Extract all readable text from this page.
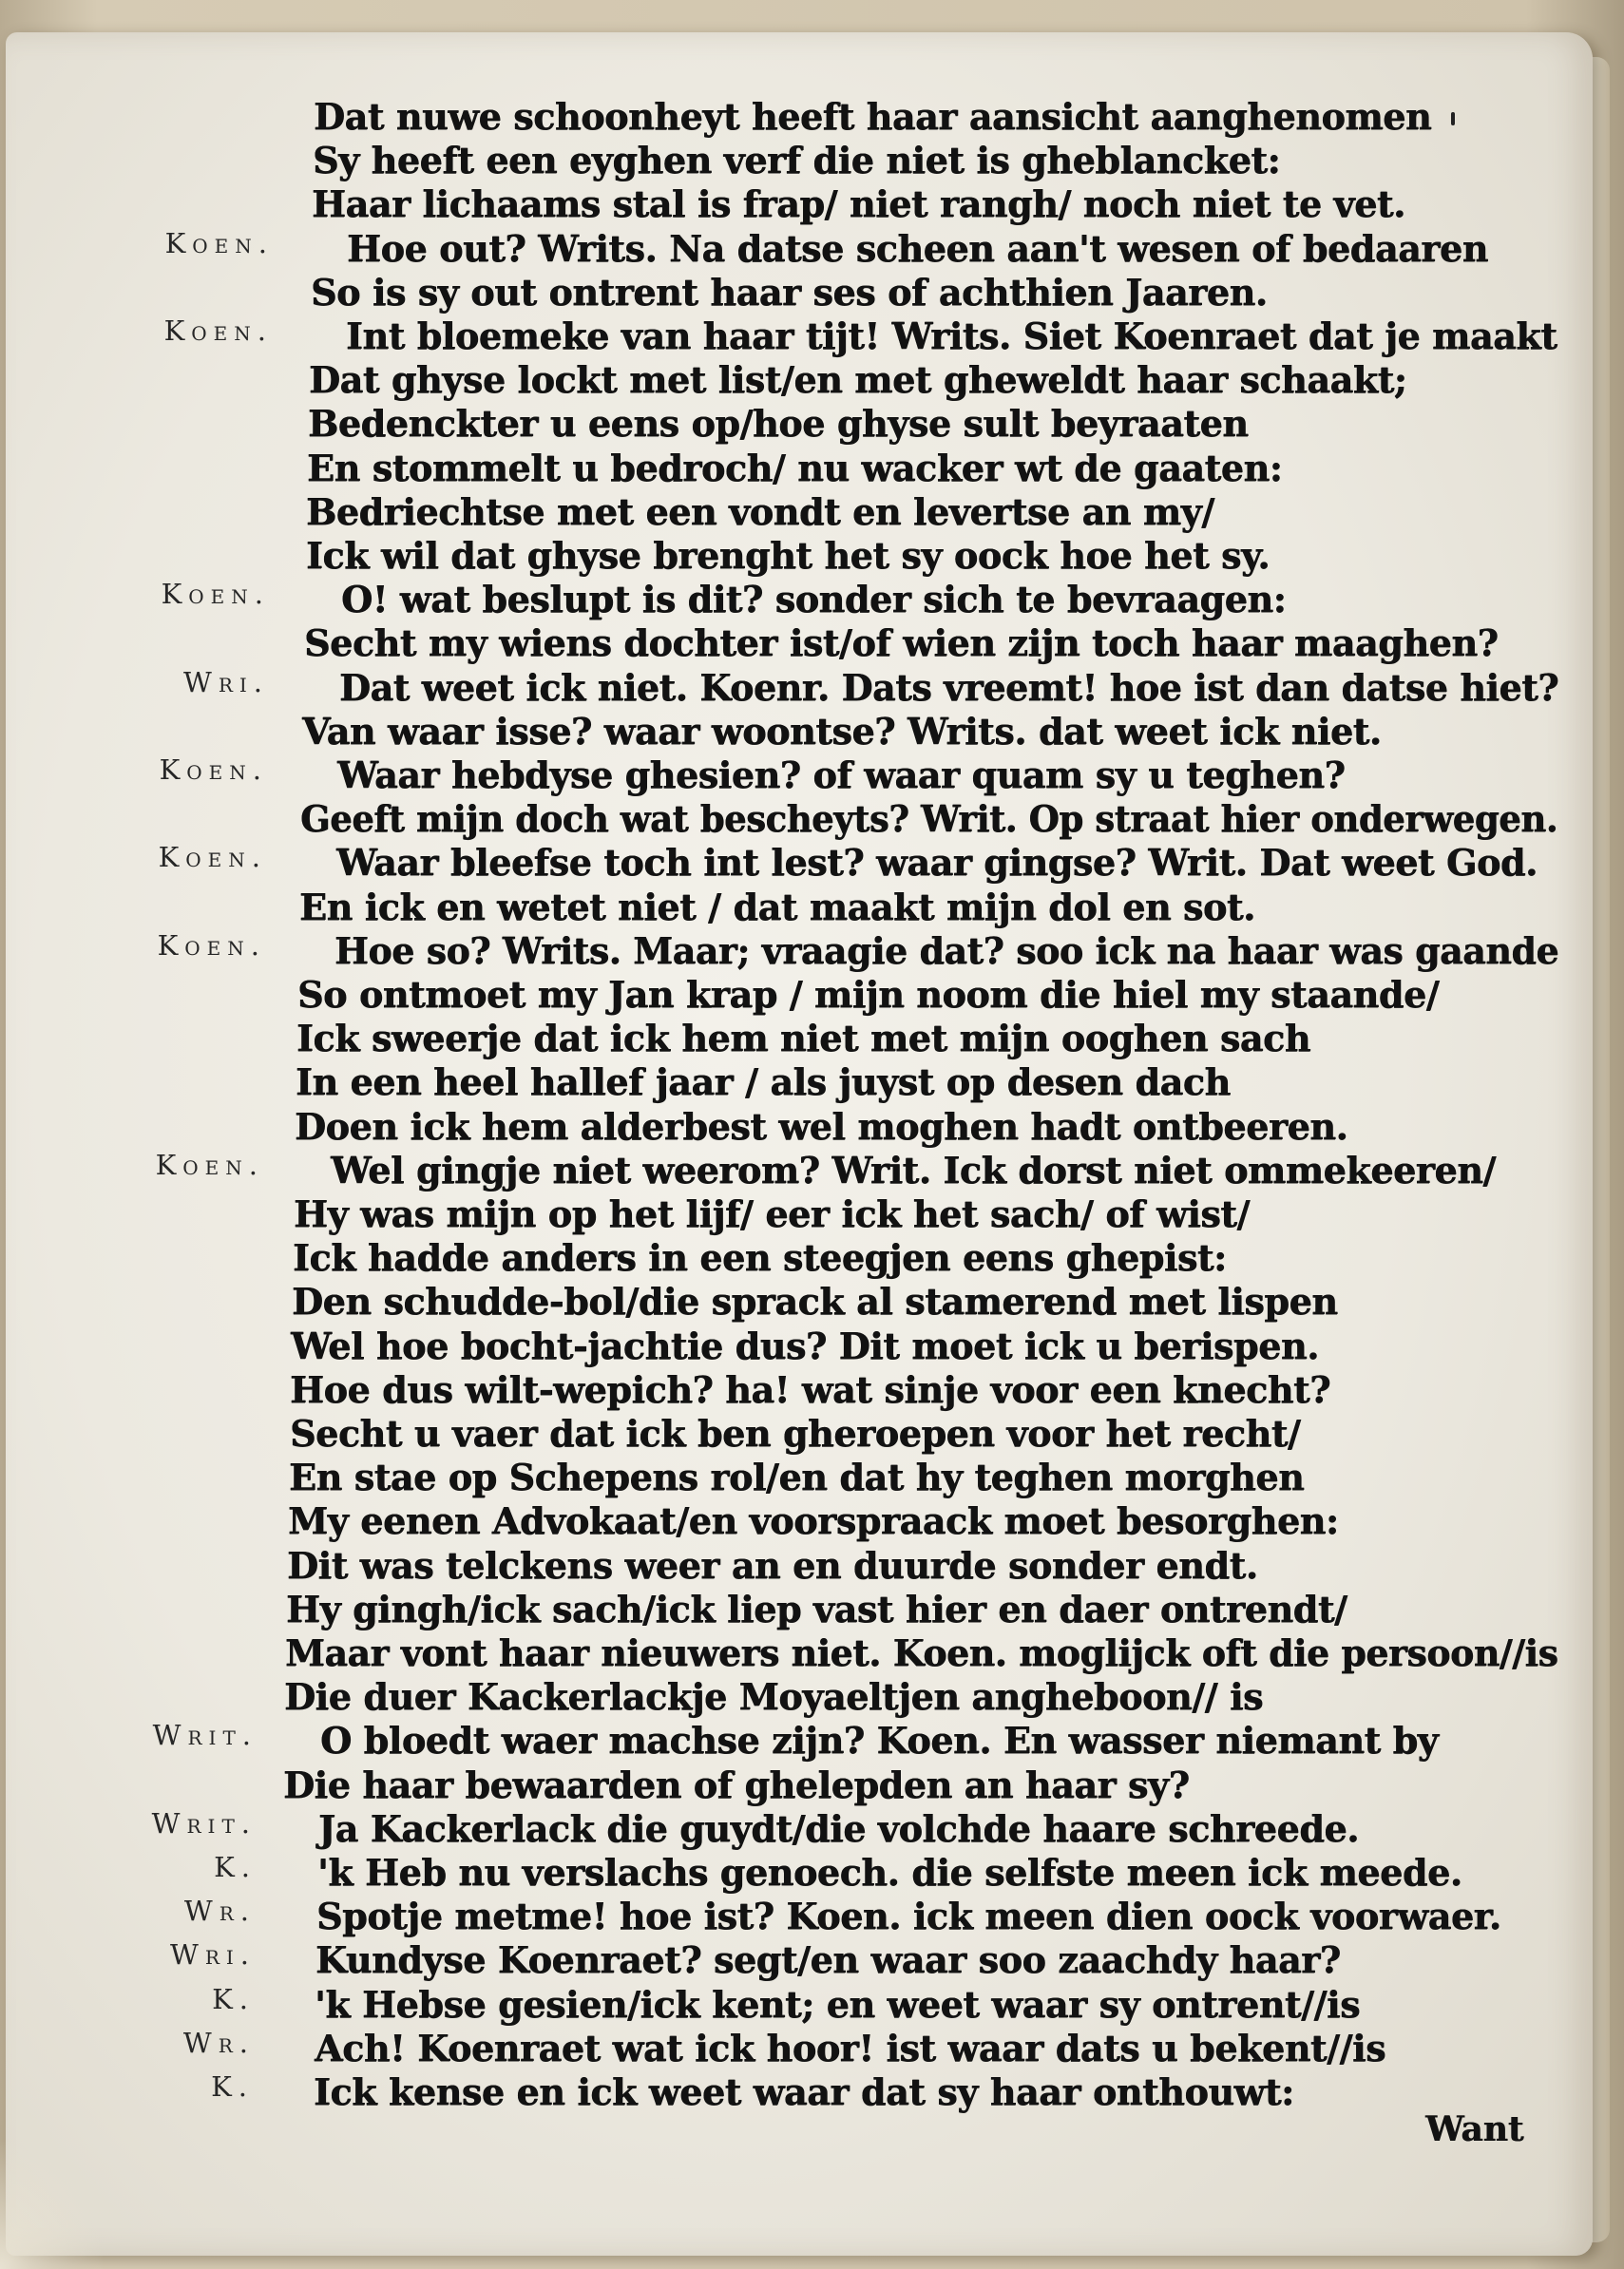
Dat nuwe schoonheyt heeft haar aansicht aanghenomen
Sy heeft een eyghen verf die niet is gheblancket:
Haar lichaams stal is frap/ niet rangh/ noch niet te vet.
Koen. Hoe out? Writs. Na datse scheen aan't wesen of bedaaren
So is sy out ontrent haar ses of achthien Jaaren.
Koen. Int bloemeke van haar tijt! Writs. Siet Koenraet dat je maakt
Dat ghyse lockt met list/en met gheweldt haar schaakt;
Bedenckter u eens op/hoe ghyse sult beyraaten
En stommelt u bedroch/ nu wacker wt de gaaten:
Bedriechtse met een vondt en levertse an my/
Ick wil dat ghyse brenght het sy oock hoe het sy.
Koen. O! wat beslupt is dit? sonder sich te bevraagen:
Secht my wiens dochter ist/of wien zijn toch haar maaghen?
Wri. Dat weet ick niet. Koenr. Dats vreemt! hoe ist dan datse hiet?
Van waar isse? waar woontse? Writs. dat weet ick niet.
Koen. Waar hebdyse ghesien? of waar quam sy u teghen?
Geeft mijn doch wat bescheyts? Writ. Op straat hier onderwegen.
Koen. Waar bleefse toch int lest? waar gingse? Writ. Dat weet God.
En ick en wetet niet / dat maakt mijn dol en sot.
Koen. Hoe so? Writs. Maar; vraagie dat? soo ick na haar was gaande
So ontmoet my Jan krap / mijn noom die hiel my staande/
Ick sweerje dat ick hem niet met mijn ooghen sach
In een heel hallef jaar / als juyst op desen dach
Doen ick hem alderbest wel moghen hadt ontbeeren.
Koen. Wel gingje niet weerom? Writ. Ick dorst niet ommekeeren/
Hy was mijn op het lijf/ eer ick het sach/ of wist/
Ick hadde anders in een steegjen eens ghepist:
Den schudde-bol/die sprack al stamerend met lispen
Wel hoe bocht-jachtie dus? Dit moet ick u berispen.
Hoe dus wilt-wepich? ha! wat sinje voor een knecht?
Secht u vaer dat ick ben gheroepen voor het recht/
En stae op Schepens rol/en dat hy teghen morghen
My eenen Advokaat/en voorspraack moet besorghen:
Dit was telckens weer an en duurde sonder endt.
Hy gingh/ick sach/ick liep vast hier en daer ontrendt/
Maar vont haar nieuwers niet. Koen. moglijck oft die persoon//is
Die duer Kackerlackje Moyaeltjen angheboon// is
Writ. O bloedt waer machse zijn? Koen. En wasser niemant by
Die haar bewaarden of ghelepden an haar sy?
Writ. Ja Kackerlack die guydt/die volchde haare schreede.
K. 'k Heb nu verslachs genoech. die selfste meen ick meede.
Wr. Spotje metme! hoe ist? Koen. ick meen dien oock voorwaer.
Wri. Kundyse Koenraet? segt/en waar soo zaachdy haar?
K. 'k Hebse gesien/ick kent; en weet waar sy ontrent//is
Wr. Ach! Koenraet wat ick hoor! ist waar dats u bekent//is
K. Ick kense en ick weet waar dat sy haar onthouwt:
Want
